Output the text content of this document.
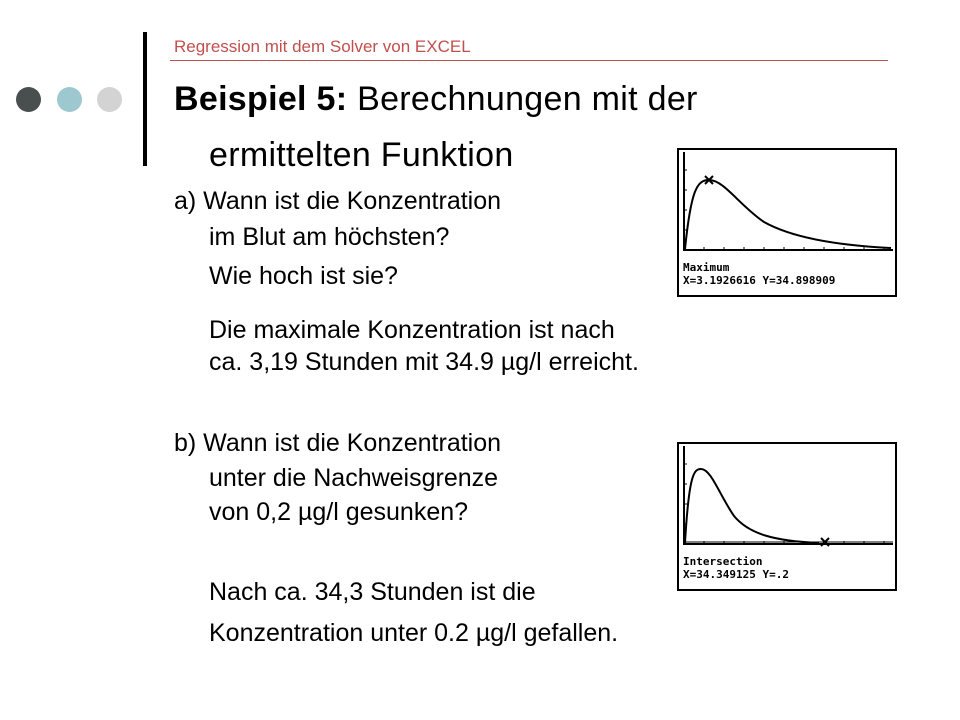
Regression mit dem Solver von EXCEL
Beispiel 5: Berechnungen mit der
ermittelten Funktion
a) Wann ist die Konzentration
im Blut am höchsten?
Wie hoch ist sie?
Die maximale Konzentration ist nach
ca. 3,19 Stunden mit 34.9 µg/l erreicht.
b) Wann ist die Konzentration
unter die Nachweisgrenze
von 0,2 µg/l gesunken?
Nach ca. 34,3 Stunden ist die
Konzentration unter 0.2 µg/l gefallen.
Maximum
X=3.1926616 Y=34.898909
Intersection
X=34.349125 Y=.2
